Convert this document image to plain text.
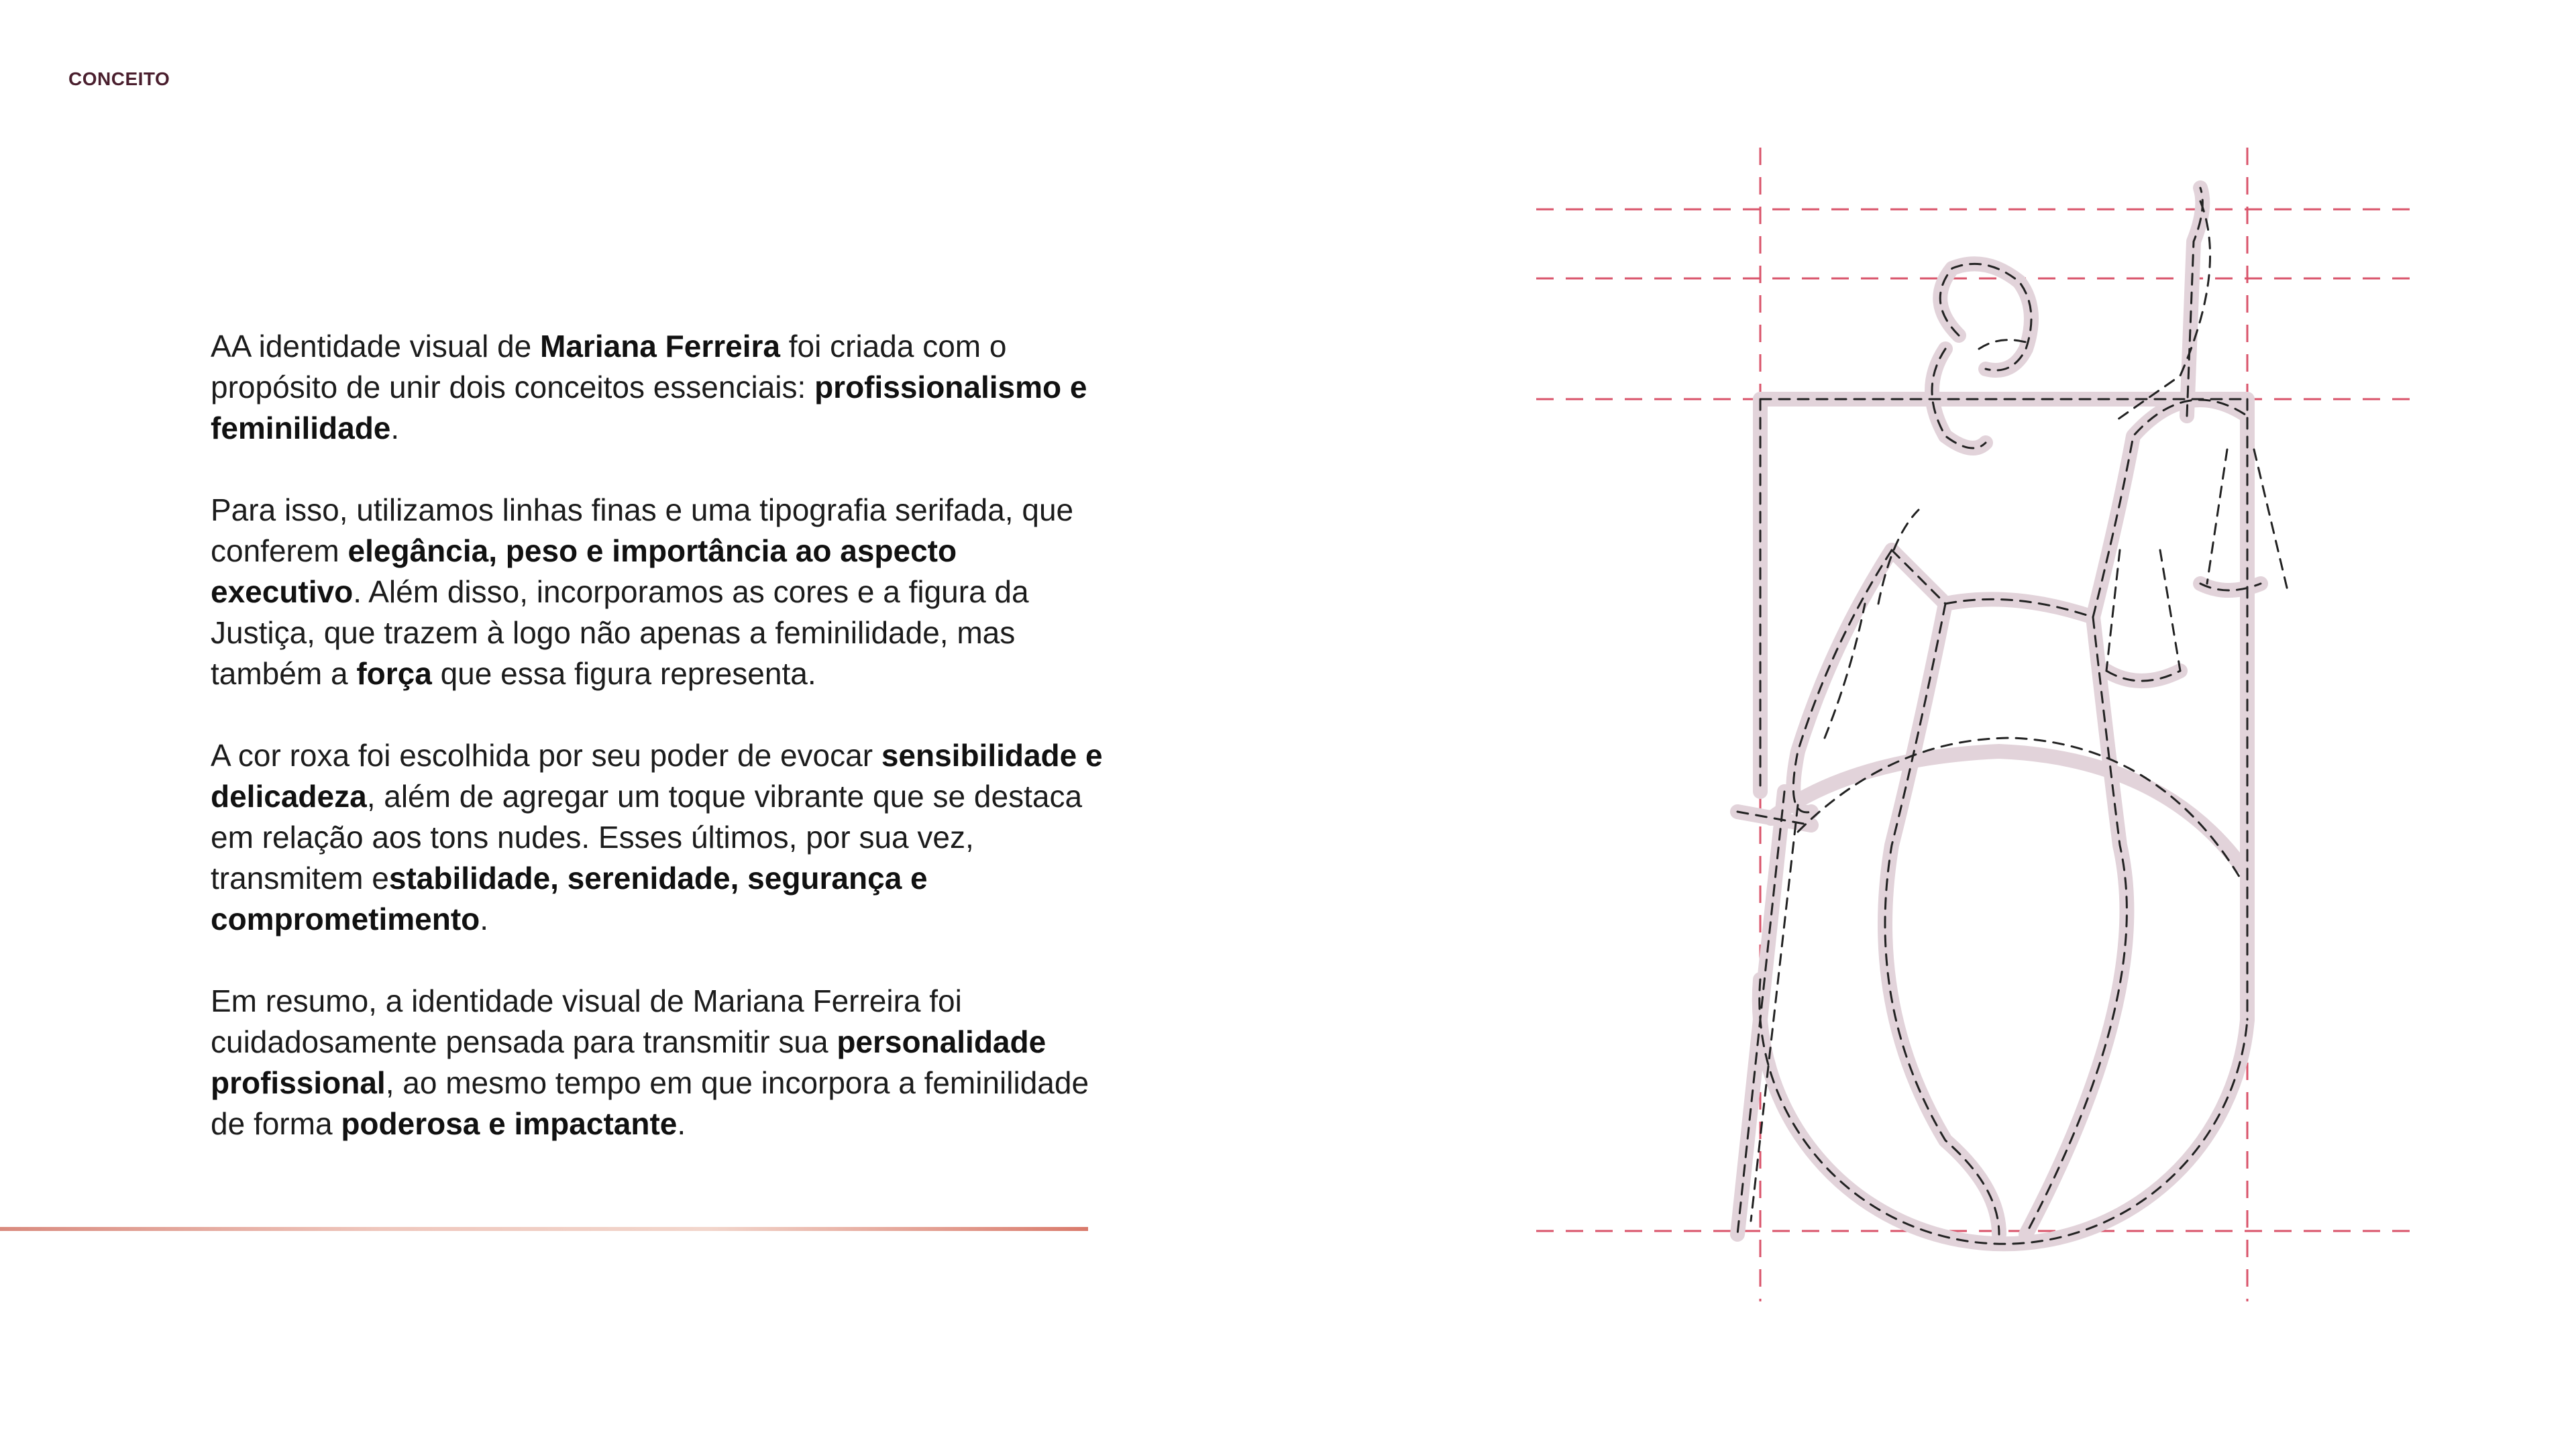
CONCEITO

AA identidade visual de Mariana Ferreira foi criada com o propósito de unir dois conceitos essenciais: profissionalismo e feminilidade.

Para isso, utilizamos linhas finas e uma tipografia serifada, que conferem elegância, peso e importância ao aspecto executivo. Além disso, incorporamos as cores e a figura da Justiça, que trazem à logo não apenas a feminilidade, mas também a força que essa figura representa.

A cor roxa foi escolhida por seu poder de evocar sensibilidade e delicadeza, além de agregar um toque vibrante que se destaca em relação aos tons nudes. Esses últimos, por sua vez, transmitem estabilidade, serenidade, segurança e comprometimento.

Em resumo, a identidade visual de Mariana Ferreira foi cuidadosamente pensada para transmitir sua personalidade profissional, ao mesmo tempo em que incorpora a feminilidade de forma poderosa e impactante.
